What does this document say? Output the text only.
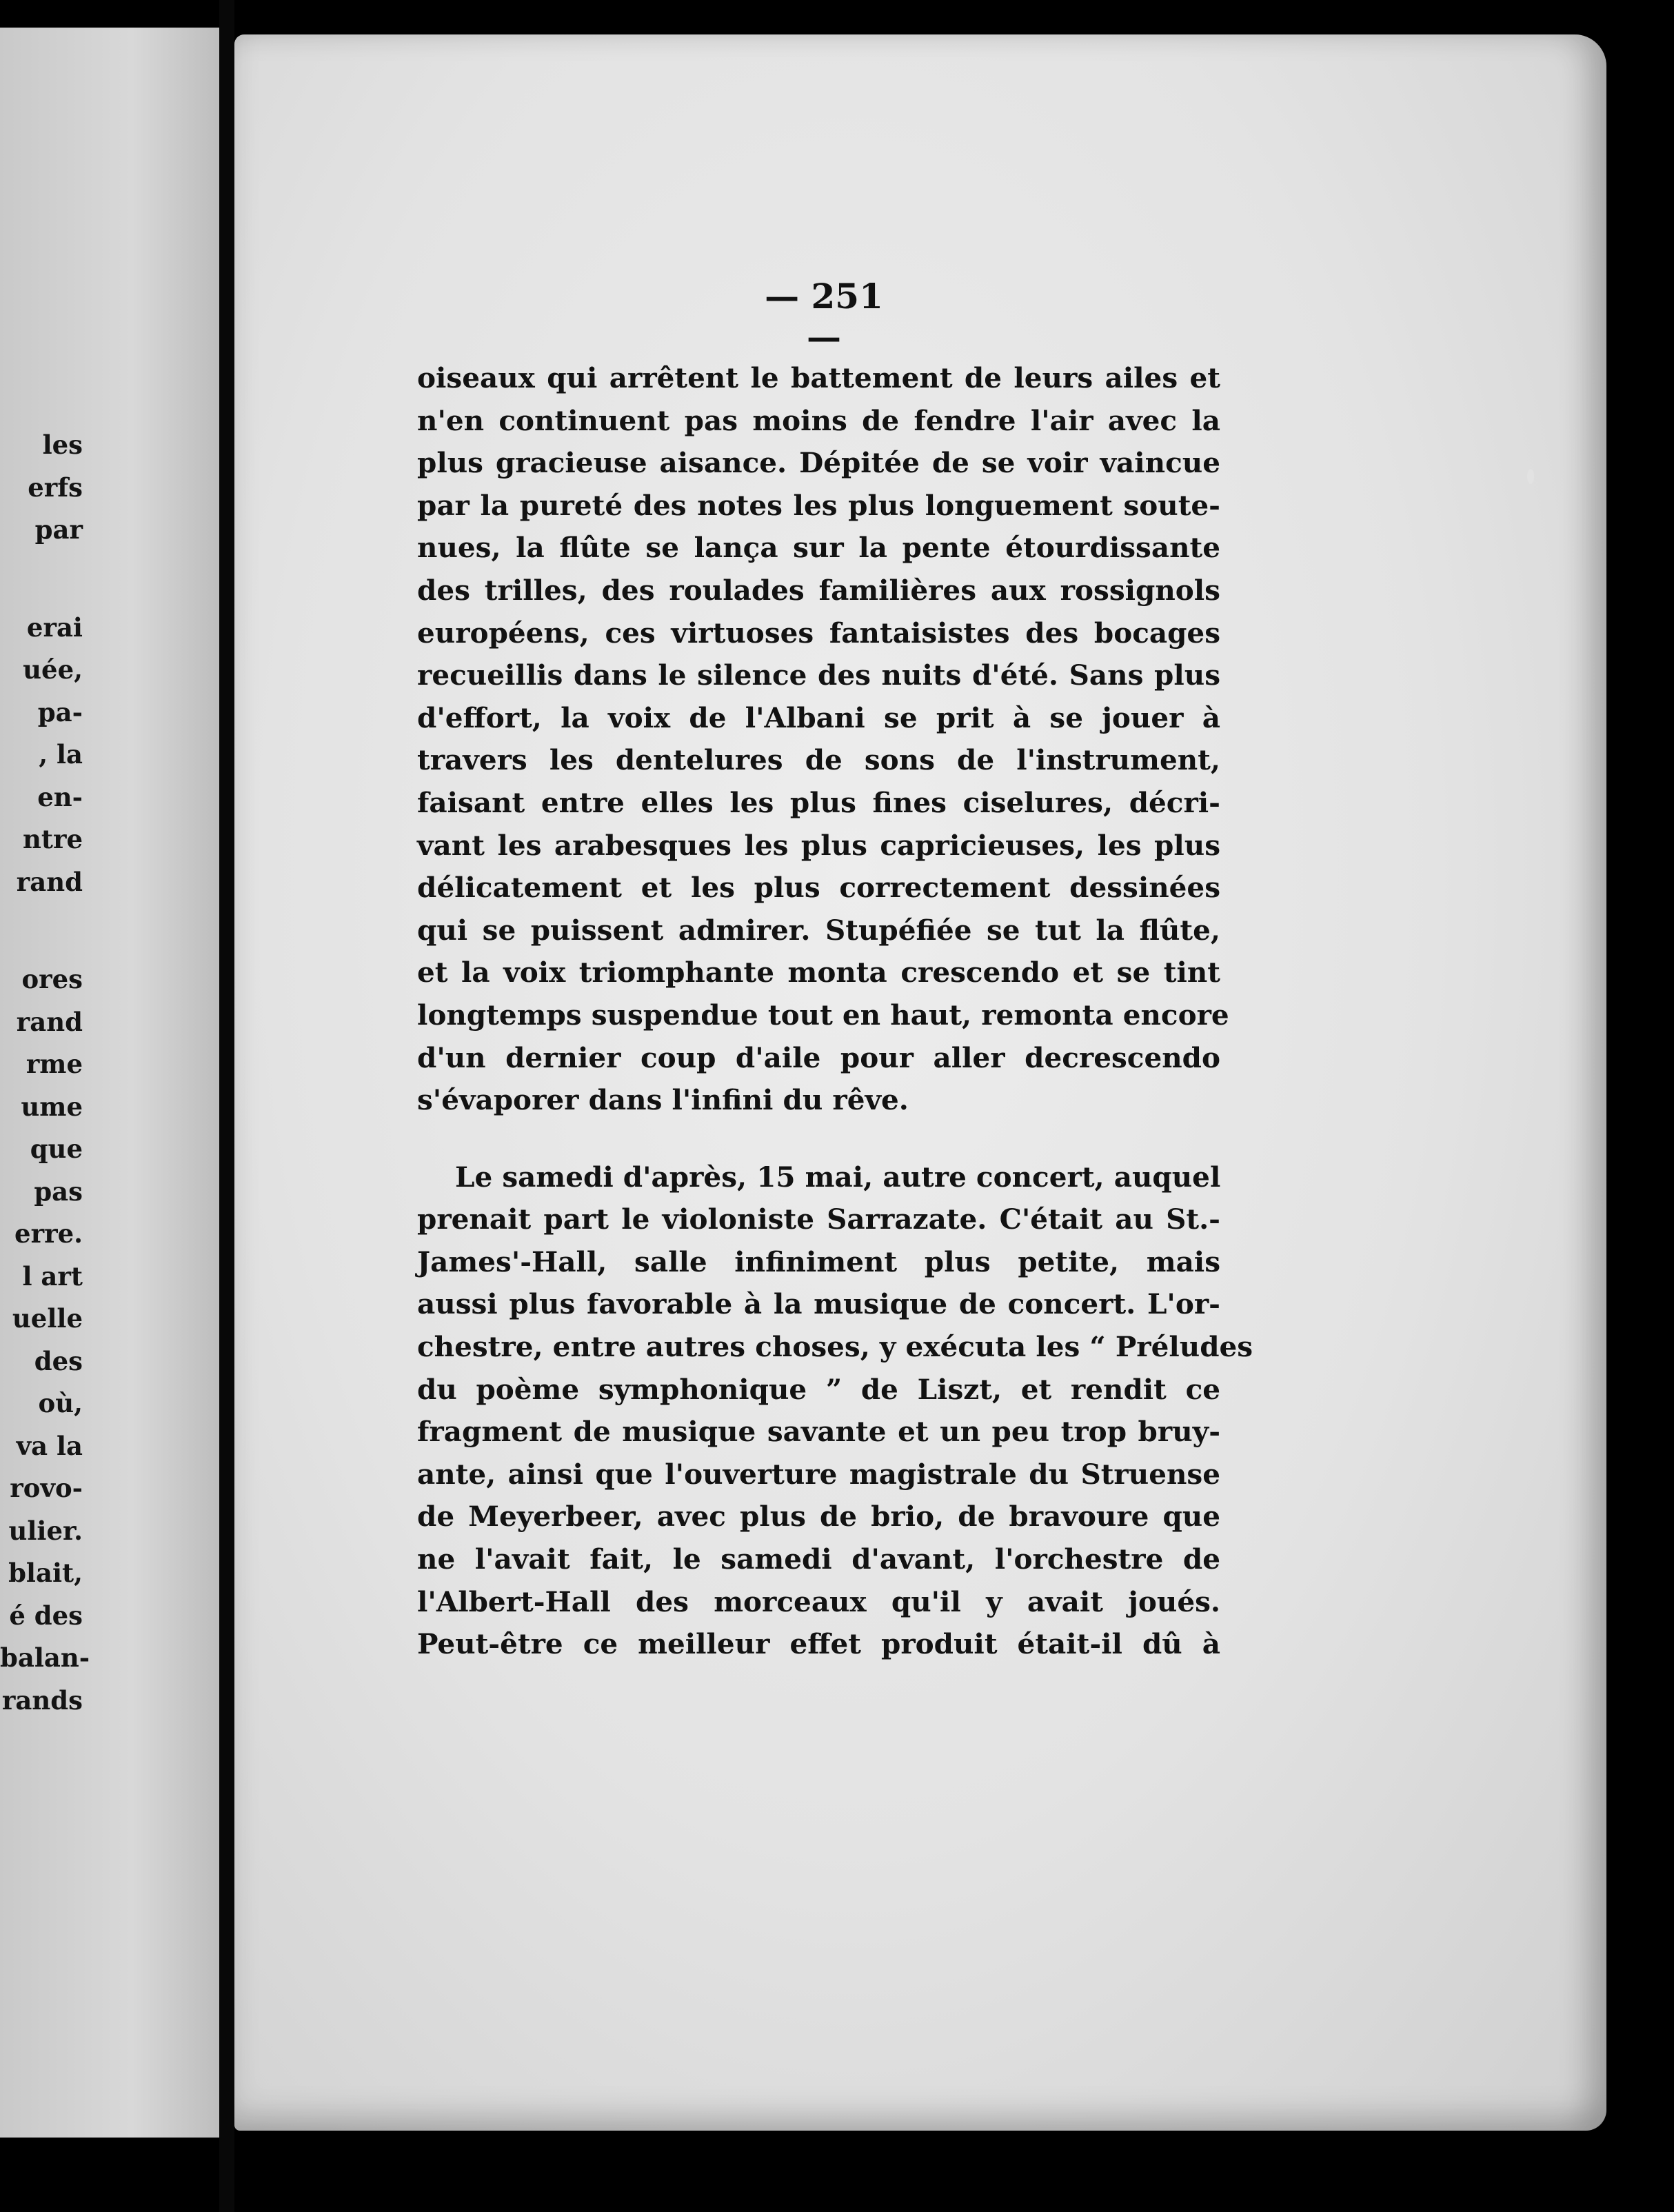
les
erfs
par
erai
uée,
pa-
, la
en-
ntre
rand
ores
rand
rme
ume
que
pas
erre.
l art
uelle
des
où,
va la
rovo-
ulier.
blait,
é des
balan-
rands
— 251 —
oiseaux qui arrêtent le battement de leurs ailes et
n'en continuent pas moins de fendre l'air avec la
plus gracieuse aisance. Dépitée de se voir vaincue
par la pureté des notes les plus longuement soute-
nues, la flûte se lança sur la pente étourdissante
des trilles, des roulades familières aux rossignols
européens, ces virtuoses fantaisistes des bocages
recueillis dans le silence des nuits d'été. Sans plus
d'effort, la voix de l'Albani se prit à se jouer à
travers les dentelures de sons de l'instrument,
faisant entre elles les plus fines ciselures, décri-
vant les arabesques les plus capricieuses, les plus
délicatement et les plus correctement dessinées
qui se puissent admirer. Stupéfiée se tut la flûte,
et la voix triomphante monta crescendo et se tint
longtemps suspendue tout en haut, remonta encore
d'un dernier coup d'aile pour aller decrescendo
s'évaporer dans l'infini du rêve.
Le samedi d'après, 15 mai, autre concert, auquel
prenait part le violoniste Sarrazate. C'était au St.-
James'-Hall, salle infiniment plus petite, mais
aussi plus favorable à la musique de concert. L'or-
chestre, entre autres choses, y exécuta les “ Préludes
du poème symphonique ” de Liszt, et rendit ce
fragment de musique savante et un peu trop bruy-
ante, ainsi que l'ouverture magistrale du Struense
de Meyerbeer, avec plus de brio, de bravoure que
ne l'avait fait, le samedi d'avant, l'orchestre de
l'Albert-Hall des morceaux qu'il y avait joués.
Peut-être ce meilleur effet produit était-il dû à
